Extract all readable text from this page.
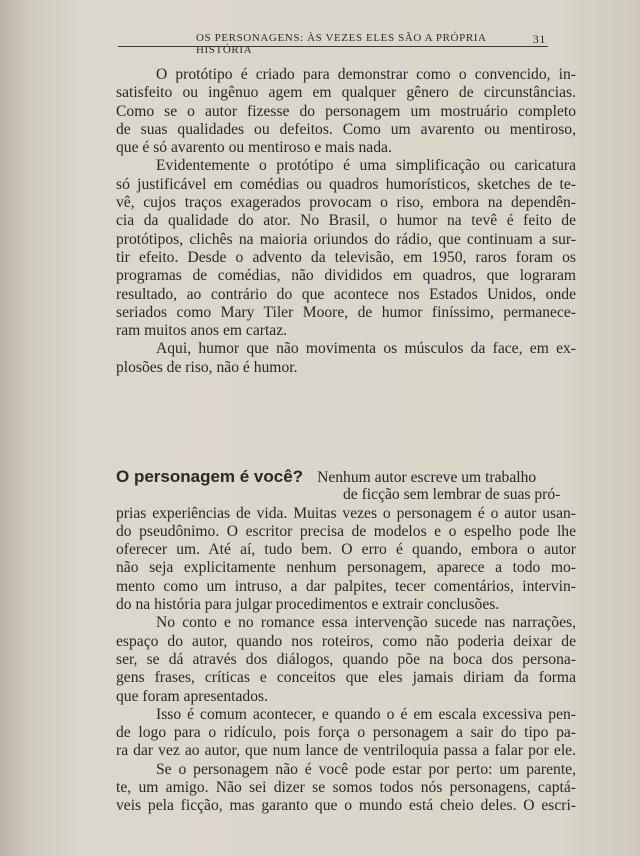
OS PERSONAGENS: ÀS VEZES ELES SÃO A PRÓPRIA HISTÓRIA
31
O protótipo é criado para demonstrar como o convencido, in-
satisfeito ou ingênuo agem em qualquer gênero de circunstâncias.
Como se o autor fizesse do personagem um mostruário completo
de suas qualidades ou defeitos. Como um avarento ou mentiroso,
que é só avarento ou mentiroso e mais nada.
Evidentemente o protótipo é uma simplificação ou caricatura
só justificável em comédias ou quadros humorísticos, sketches de te-
vê, cujos traços exagerados provocam o riso, embora na dependên-
cia da qualidade do ator. No Brasil, o humor na tevê é feito de
protótipos, clichês na maioria oriundos do rádio, que continuam a sur-
tir efeito. Desde o advento da televisão, em 1950, raros foram os
programas de comédias, não divididos em quadros, que lograram
resultado, ao contrário do que acontece nos Estados Unidos, onde
seriados como Mary Tiler Moore, de humor finíssimo, permanece-
ram muitos anos em cartaz.
Aqui, humor que não movimenta os músculos da face, em ex-
plosões de riso, não é humor.
O personagem é você? Nenhum autor escreve um trabalho
de ficção sem lembrar de suas pró-
prias experiências de vida. Muitas vezes o personagem é o autor usan-
do pseudônimo. O escritor precisa de modelos e o espelho pode lhe
oferecer um. Até aí, tudo bem. O erro é quando, embora o autor
não seja explicitamente nenhum personagem, aparece a todo mo-
mento como um intruso, a dar palpites, tecer comentários, intervin-
do na história para julgar procedimentos e extrair conclusões.
No conto e no romance essa intervenção sucede nas narrações,
espaço do autor, quando nos roteiros, como não poderia deixar de
ser, se dá através dos diálogos, quando põe na boca dos persona-
gens frases, críticas e conceitos que eles jamais diriam da forma
que foram apresentados.
Isso é comum acontecer, e quando o é em escala excessiva pen-
de logo para o ridículo, pois força o personagem a sair do tipo pa-
ra dar vez ao autor, que num lance de ventriloquia passa a falar por ele.
Se o personagem não é você pode estar por perto: um parente,
te, um amigo. Não sei dizer se somos todos nós personagens, captá-
veis pela ficção, mas garanto que o mundo está cheio deles. O escri-
